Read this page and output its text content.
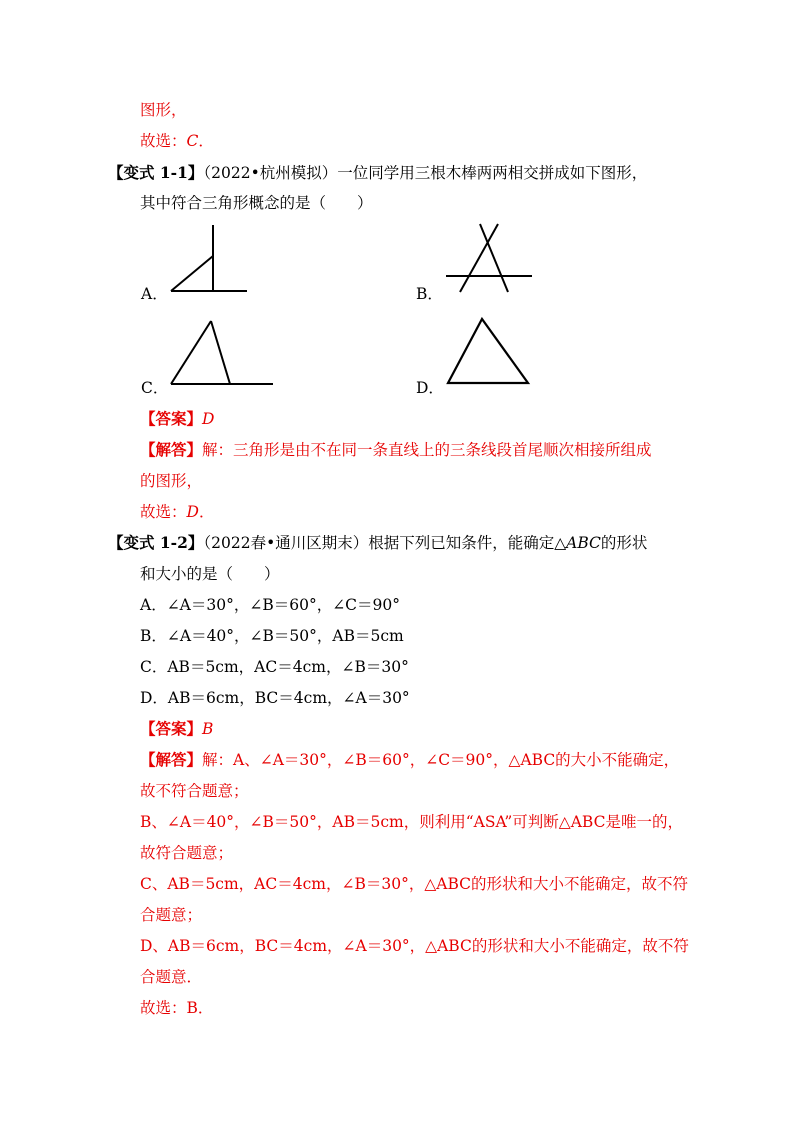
图形，
故选：C．
【变式 1-1】（2022•杭州模拟）一位同学用三根木棒两两相交拼成如下图形，
其中符合三角形概念的是（　　）
A．	B．
C．	D．
【答案】D
【解答】解：三角形是由不在同一条直线上的三条线段首尾顺次相接所组成
的图形，
故选：D．
【变式 1-2】（2022春•通川区期末）根据下列已知条件，能确定△ABC的形状
和大小的是（　　）
A．∠A＝30°，∠B＝60°，∠C＝90°
B．∠A＝40°，∠B＝50°，AB＝5cm
C．AB＝5cm，AC＝4cm，∠B＝30°
D．AB＝6cm，BC＝4cm，∠A＝30°
【答案】B
【解答】解：A、∠A＝30°，∠B＝60°，∠C＝90°，△ABC的大小不能确定，
故不符合题意；
B、∠A＝40°，∠B＝50°，AB＝5cm，则利用“ASA”可判断△ABC是唯一的，
故符合题意；
C、AB＝5cm，AC＝4cm，∠B＝30°，△ABC的形状和大小不能确定，故不符
合题意；
D、AB＝6cm，BC＝4cm，∠A＝30°，△ABC的形状和大小不能确定，故不符
合题意．
故选：B．
